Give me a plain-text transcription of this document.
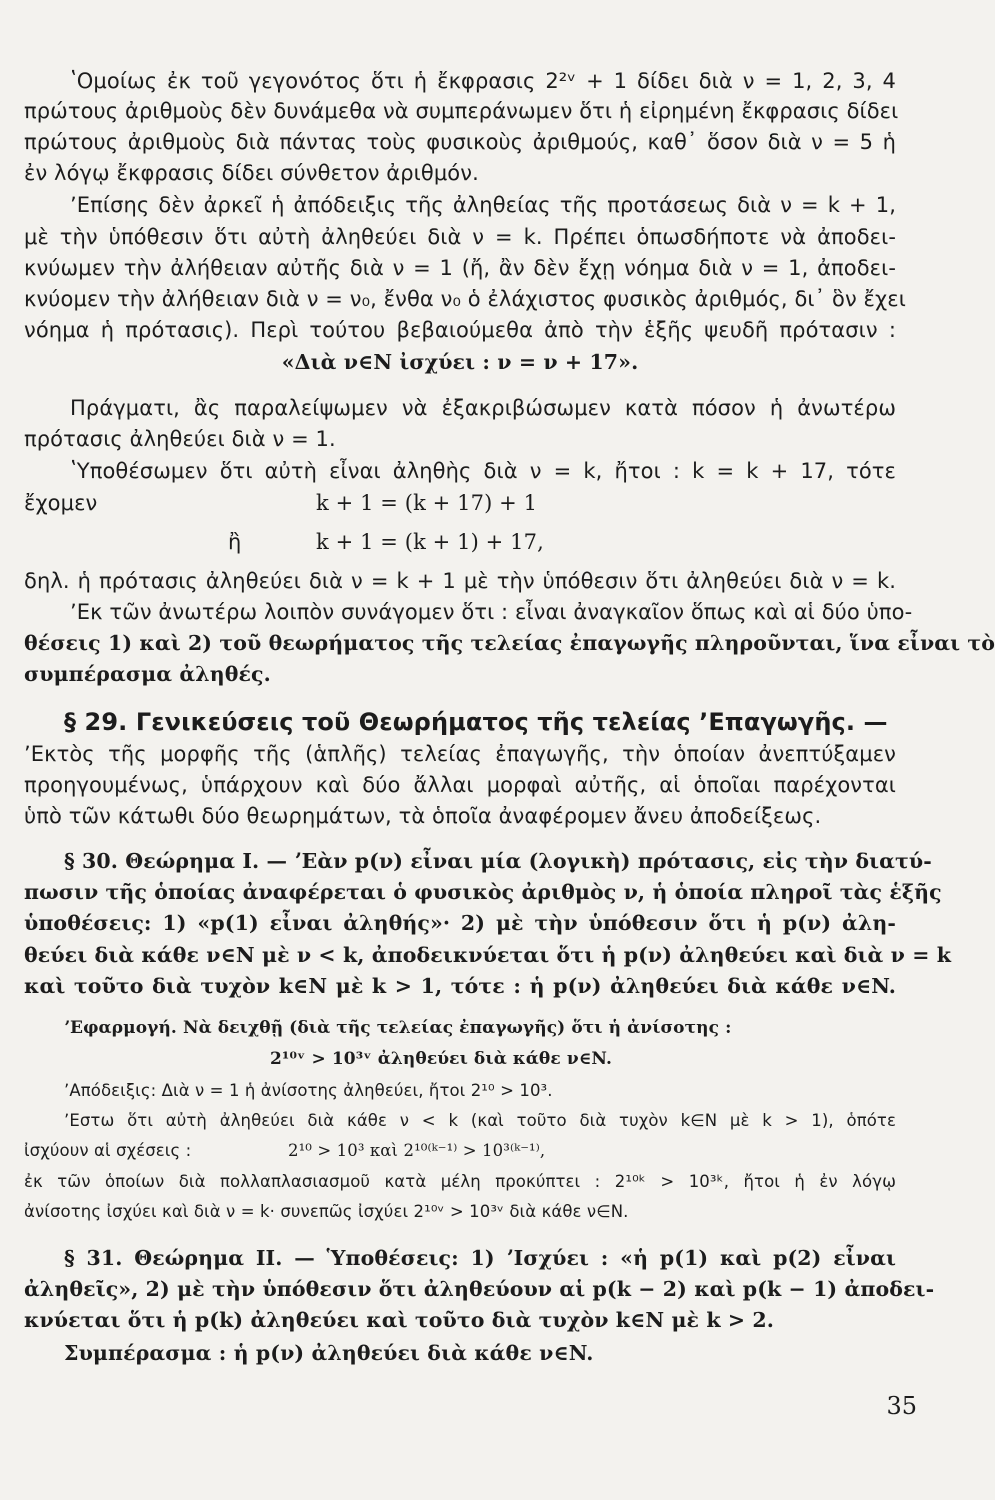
ʽΟμοίως ἐκ τοῦ γεγονότος ὅτι ἡ ἔκφρασις 2²ᵛ + 1 δίδει διὰ ν = 1, 2, 3, 4
πρώτους ἀριθμοὺς δὲν δυνάμεθα νὰ συμπεράνωμεν ὅτι ἡ εἰρημένη ἔκφρασις δίδει
πρώτους ἀριθμοὺς διὰ πάντας τοὺς φυσικοὺς ἀριθμούς, καθ᾽ ὅσον διὰ ν = 5 ἡ
ἐν λόγῳ ἔκφρασις δίδει σύνθετον ἀριθμόν.
ʼΕπίσης δὲν ἀρκεῖ ἡ ἀπόδειξις τῆς ἀληθείας τῆς προτάσεως διὰ ν = k + 1,
μὲ τὴν ὑπόθεσιν ὅτι αὐτὴ ἀληθεύει διὰ ν = k. Πρέπει ὁπωσδήποτε νὰ ἀποδει-
κνύωμεν τὴν ἀλήθειαν αὐτῆς διὰ ν = 1 (ἤ, ἂν δὲν ἔχῃ νόημα διὰ ν = 1, ἀποδει-
κνύομεν τὴν ἀλήθειαν διὰ ν = ν₀, ἔνθα ν₀ ὁ ἐλάχιστος φυσικὸς ἀριθμός, δι᾽ ὃν ἔχει
νόημα ἡ πρότασις). Περὶ τούτου βεβαιούμεθα ἀπὸ τὴν ἑξῆς ψευδῆ πρότασιν :
«Διὰ ν∈N ἰσχύει : ν = ν + 17».
Πράγματι, ἂς παραλείψωμεν νὰ ἐξακριβώσωμεν κατὰ πόσον ἡ ἀνωτέρω
πρότασις ἀληθεύει διὰ ν = 1.
ʽΥποθέσωμεν ὅτι αὐτὴ εἶναι ἀληθὴς διὰ ν = k, ἤτοι : k = k + 17, τότε
ἔχομεν	k + 1 = (k + 17) + 1
ἢ	k + 1 = (k + 1) + 17,
δηλ. ἡ πρότασις ἀληθεύει διὰ ν = k + 1 μὲ τὴν ὑπόθεσιν ὅτι ἀληθεύει διὰ ν = k.
ʼΕκ τῶν ἀνωτέρω λοιπὸν συνάγομεν ὅτι : εἶναι ἀναγκαῖον ὅπως καὶ αἱ δύο ὑπο-
θέσεις 1) καὶ 2) τοῦ θεωρήματος τῆς τελείας ἐπαγωγῆς πληροῦνται, ἵνα εἶναι τὸ
συμπέρασμα ἀληθές.
§ 29. Γενικεύσεις τοῦ Θεωρήματος τῆς τελείας ʼΕπαγωγῆς. —
ʼΕκτὸς τῆς μορφῆς τῆς (ἁπλῆς) τελείας ἐπαγωγῆς, τὴν ὁποίαν ἀνεπτύξαμεν
προηγουμένως, ὑπάρχουν καὶ δύο ἄλλαι μορφαὶ αὐτῆς, αἱ ὁποῖαι παρέχονται
ὑπὸ τῶν κάτωθι δύο θεωρημάτων, τὰ ὁποῖα ἀναφέρομεν ἄνευ ἀποδείξεως.
§ 30. Θεώρημα I. — ʼΕὰν p(ν) εἶναι μία (λογικὴ) πρότασις, εἰς τὴν διατύ-
πωσιν τῆς ὁποίας ἀναφέρεται ὁ φυσικὸς ἀριθμὸς ν, ἡ ὁποία πληροῖ τὰς ἑξῆς
ὑποθέσεις: 1) «p(1) εἶναι ἀληθής»· 2) μὲ τὴν ὑπόθεσιν ὅτι ἡ p(ν) ἀλη-
θεύει διὰ κάθε ν∈N μὲ ν < k, ἀποδεικνύεται ὅτι ἡ p(ν) ἀληθεύει καὶ διὰ ν = k
καὶ τοῦτο διὰ τυχὸν k∈N μὲ k > 1, τότε : ἡ p(ν) ἀληθεύει διὰ κάθε ν∈N.
ʼΕφαρμογή. Νὰ δειχθῇ (διὰ τῆς τελείας ἐπαγωγῆς) ὅτι ἡ ἀνίσοτης :
2¹⁰ᵛ > 10³ᵛ ἀληθεύει διὰ κάθε ν∈N.
ʼΑπόδειξις: Διὰ ν = 1 ἡ ἀνίσοτης ἀληθεύει, ἤτοι 2¹⁰ > 10³.
ʼΕστω ὅτι αὐτὴ ἀληθεύει διὰ κάθε ν < k (καὶ τοῦτο διὰ τυχὸν k∈N μὲ k > 1), ὁπότε
ἰσχύουν αἱ σχέσεις :	2¹⁰ > 10³ καὶ 2¹⁰⁽ᵏ⁻¹⁾ > 10³⁽ᵏ⁻¹⁾,
ἐκ τῶν ὁποίων διὰ πολλαπλασιασμοῦ κατὰ μέλη προκύπτει : 2¹⁰ᵏ > 10³ᵏ, ἤτοι ἡ ἐν λόγῳ
ἀνίσοτης ἰσχύει καὶ διὰ ν = k· συνεπῶς ἰσχύει 2¹⁰ᵛ > 10³ᵛ διὰ κάθε ν∈N.
§ 31. Θεώρημα II. — Ὑποθέσεις: 1) ʼΙσχύει : «ἡ p(1) καὶ p(2) εἶναι
ἀληθεῖς», 2) μὲ τὴν ὑπόθεσιν ὅτι ἀληθεύουν αἱ p(k − 2) καὶ p(k − 1) ἀποδει-
κνύεται ὅτι ἡ p(k) ἀληθεύει καὶ τοῦτο διὰ τυχὸν k∈N μὲ k > 2.
Συμπέρασμα : ἡ p(ν) ἀληθεύει διὰ κάθε ν∈N.
35
